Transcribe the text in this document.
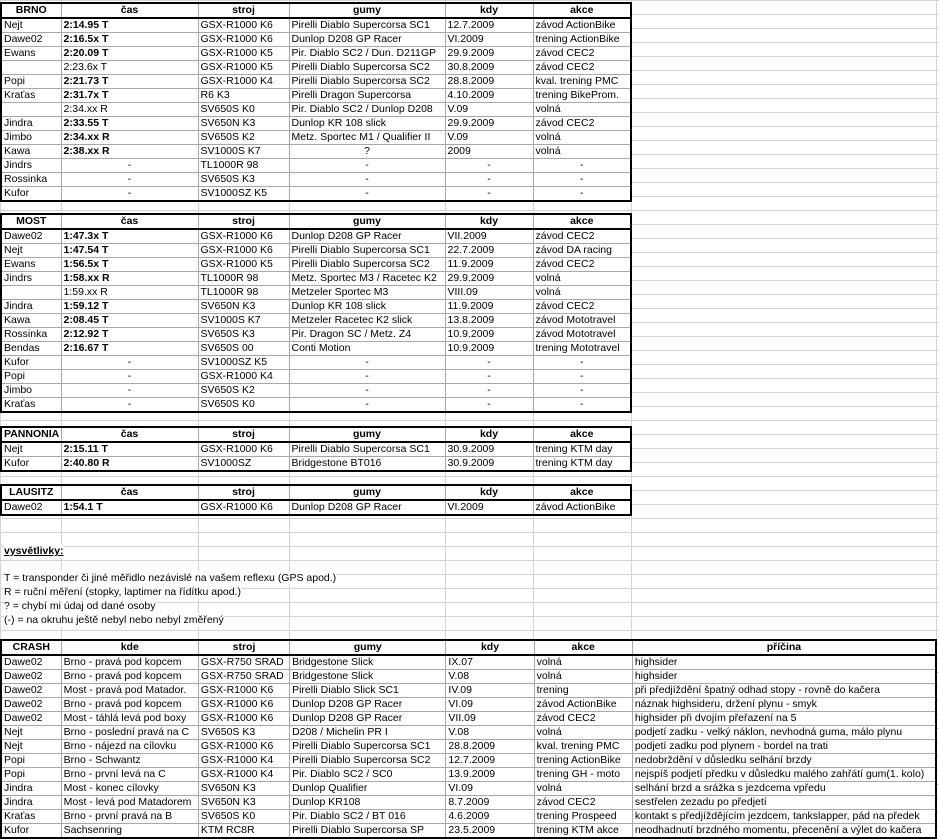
BRNO	čas	stroj	gumy	kdy	akce
Nejt	2:14.95 T	GSX-R1000 K6	Pirelli Diablo Supercorsa SC1	12.7.2009	závod ActionBike
Dawe02	2:16.5x T	GSX-R1000 K6	Dunlop D208 GP Racer	VI.2009	trening ActionBike
Ewans	2:20.09 T	GSX-R1000 K5	Pir. Diablo SC2 / Dun. D211GP	29.9.2009	závod CEC2
	2:23.6x T	GSX-R1000 K5	Pirelli Diablo Supercorsa SC2	30.8.2009	závod CEC2
Popi	2:21.73 T	GSX-R1000 K4	Pirelli Diablo Supercorsa SC2	28.8.2009	kval. trening PMC
Kraťas	2:31.7x T	R6 K3	Pirelli Dragon Supercorsa	4.10.2009	trening BikeProm.
	2:34.xx R	SV650S K0	Pir. Diablo SC2 / Dunlop D208	V.09	volná
Jindra	2:33.55 T	SV650N K3	Dunlop KR 108 slick	29.9.2009	závod CEC2
Jimbo	2:34.xx R	SV650S K2	Metz. Sportec M1 / Qualifier II	V.09	volná
Kawa	2:38.xx R	SV1000S K7	?	2009	volná
Jindrs	-	TL1000R 98	-	-	-
Rossinka	-	SV650S K3	-	-	-
Kufor	-	SV1000SZ K5	-	-	-
MOST	čas	stroj	gumy	kdy	akce
Dawe02	1:47.3x T	GSX-R1000 K6	Dunlop D208 GP Racer	VII.2009	závod CEC2
Nejt	1:47.54 T	GSX-R1000 K6	Pirelli Diablo Supercorsa SC1	22.7.2009	závod DA racing
Ewans	1:56.5x T	GSX-R1000 K5	Pirelli Diablo Supercorsa SC2	11.9.2009	závod CEC2
Jindrs	1:58.xx R	TL1000R 98	Metz. Sportec M3 / Racetec K2	29.9.2009	volná
	1:59.xx R	TL1000R 98	Metzeler Sportec M3	VIII.09	volná
Jindra	1:59.12 T	SV650N K3	Dunlop KR 108 slick	11.9.2009	závod CEC2
Kawa	2:08.45 T	SV1000S K7	Metzeler Racetec K2 slick	13.8.2009	závod Mototravel
Rossinka	2:12.92 T	SV650S K3	Pir. Dragon SC / Metz. Z4	10.9.2009	závod Mototravel
Bendas	2:16.67 T	SV650S 00	Conti Motion	10.9.2009	trening Mototravel
Kufor	-	SV1000SZ K5	-	-	-
Popi	-	GSX-R1000 K4	-	-	-
Jimbo	-	SV650S K2	-	-	-
Kraťas	-	SV650S K0	-	-	-
PANNONIA	čas	stroj	gumy	kdy	akce
Nejt	2:15.11 T	GSX-R1000 K6	Pirelli Diablo Supercorsa SC1	30.9.2009	trening KTM day
Kufor	2:40.80 R	SV1000SZ	Bridgestone BT016	30.9.2009	trening KTM day
LAUSITZ	čas	stroj	gumy	kdy	akce
Dawe02	1:54.1 T	GSX-R1000 K6	Dunlop D208 GP Racer	VI.2009	závod ActionBike
vysvětlivky:
T = transponder či jiné měřidlo nezávislé na vašem reflexu (GPS apod.)
R = ruční měření (stopky, laptimer na řídítku apod.)
? = chybí mi údaj od dané osoby
(-) = na okruhu ještě nebyl nebo nebyl změřený
CRASH	kde	stroj	gumy	kdy	akce	příčina
Dawe02	Brno - pravá pod kopcem	GSX-R750 SRAD	Bridgestone Slick	IX.07	volná	highsider
Dawe02	Brno - pravá pod kopcem	GSX-R750 SRAD	Bridgestone Slick	V.08	volná	highsider
Dawe02	Most - pravá pod Matador.	GSX-R1000 K6	Pirelli Diablo Slick SC1	IV.09	trening	při předjíždění špatný odhad stopy - rovně do kačera
Dawe02	Brno - pravá pod kopcem	GSX-R1000 K6	Dunlop D208 GP Racer	VI.09	závod ActionBike	náznak highsideru, držení plynu - smyk
Dawe02	Most - táhlá levá pod boxy	GSX-R1000 K6	Dunlop D208 GP Racer	VII.09	závod CEC2	highsider při dvojím přeřazení na 5
Nejt	Brno - poslední pravá na C	SV650S K3	D208 / Michelin PR I	V.08	volná	podjetí zadku - velký náklon, nevhodná guma, málo plynu
Nejt	Brno - nájezd na cílovku	GSX-R1000 K6	Pirelli Diablo Supercorsa SC1	28.8.2009	kval. trening PMC	podjetí zadku pod plynem - bordel na trati
Popi	Brno - Schwantz	GSX-R1000 K4	Pirelli Diablo Supercorsa SC2	12.7.2009	trening ActionBike	nedobrždění v důsledku selhání brzdy
Popi	Brno - první levá na C	GSX-R1000 K4	Pir. Diablo SC2 / SC0	13.9.2009	trening GH - moto	nejspíš podjetí předku v důsledku malého zahřátí gum(1. kolo)
Jindra	Most - konec cílovky	SV650N K3	Dunlop Qualifier	VI.09	volná	selhání brzd a srážka s jezdcema vpředu
Jindra	Most - levá pod Matadorem	SV650N K3	Dunlop KR108	8.7.2009	závod CEC2	sestřelen zezadu po předjetí
Kraťas	Brno - první pravá na B	SV650S K0	Pir. Diablo SC2 / BT 016	4.6.2009	trening Prospeed	kontakt s předjíždějícím jezdcem, tankslapper, pád na předek
Kufor	Sachsenring	KTM RC8R	Pirelli Diablo Supercorsa SP	23.5.2009	trening KTM akce	neodhadnutí brzdného momentu, přecenění a výlet do kačera
